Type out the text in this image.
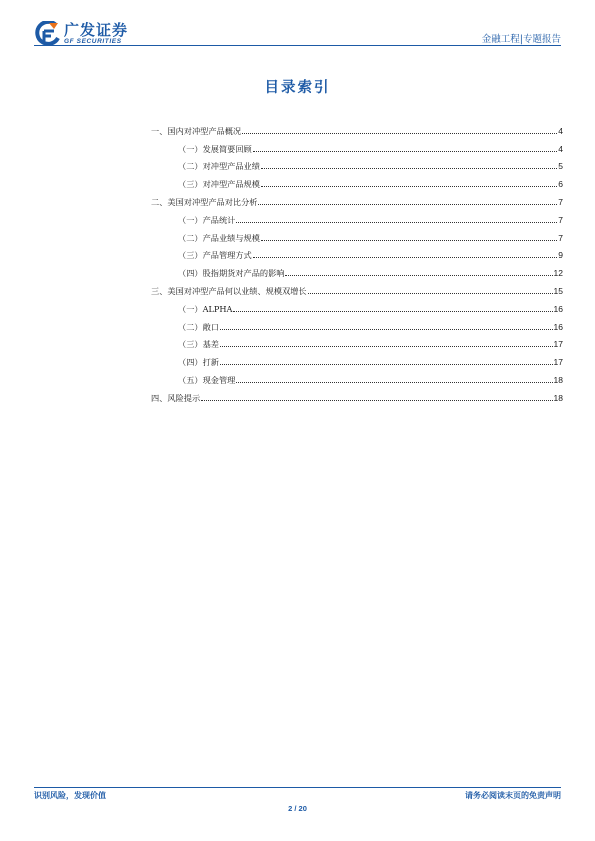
广发证券
GF SECURITIES	金融工程|专题报告
目录索引
一、国内对冲型产品概况	4
（一）发展简要回顾	4
（二）对冲型产品业绩	5
（三）对冲型产品规模	6
二、美国对冲型产品对比分析	7
（一）产品统计	7
（二）产品业绩与规模	7
（三）产品管理方式	9
（四）股指期货对产品的影响	12
三、美国对冲型产品何以业绩、规模双增长	15
（一）ALPHA	16
（二）敞口	16
（三）基差	17
（四）打新	17
（五）现金管理	18
四、风险提示	18
识别风险，发现价值	请务必阅读末页的免责声明
2 / 20
